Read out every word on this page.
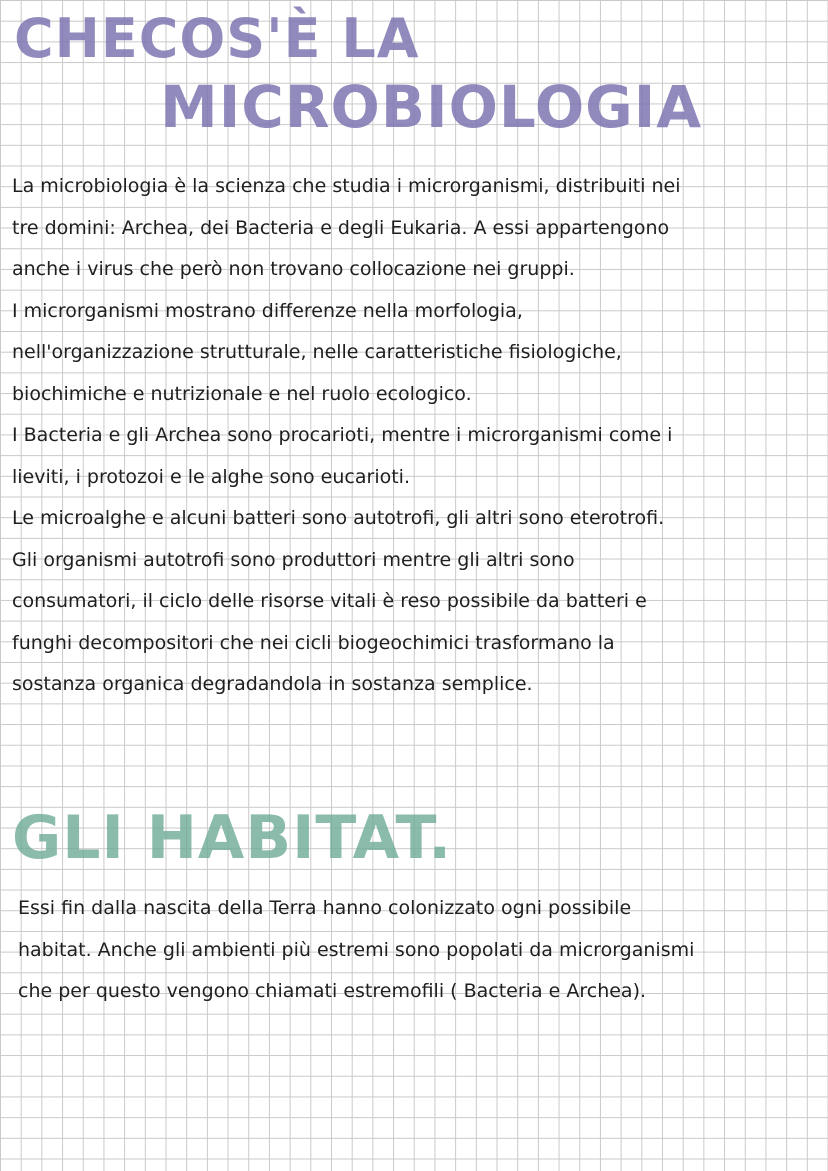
CHECOS'È LA
MICROBIOLOGIA
La microbiologia è la scienza che studia i microrganismi, distribuiti nei
tre domini: Archea, dei Bacteria e degli Eukaria. A essi appartengono
anche i virus che però non trovano collocazione nei gruppi.
I microrganismi mostrano differenze nella morfologia,
nell'organizzazione strutturale, nelle caratteristiche fisiologiche,
biochimiche e nutrizionale e nel ruolo ecologico.
I Bacteria e gli Archea sono procarioti, mentre i microrganismi come i
lieviti, i protozoi e le alghe sono eucarioti.
Le microalghe e alcuni batteri sono autotrofi, gli altri sono eterotrofi.
Gli organismi autotrofi sono produttori mentre gli altri sono
consumatori, il ciclo delle risorse vitali è reso possibile da batteri e
funghi decompositori che nei cicli biogeochimici trasformano la
sostanza organica degradandola in sostanza semplice.
GLI HABITAT.
Essi fin dalla nascita della Terra hanno colonizzato ogni possibile
habitat. Anche gli ambienti più estremi sono popolati da microrganismi
che per questo vengono chiamati estremofili ( Bacteria e Archea).
